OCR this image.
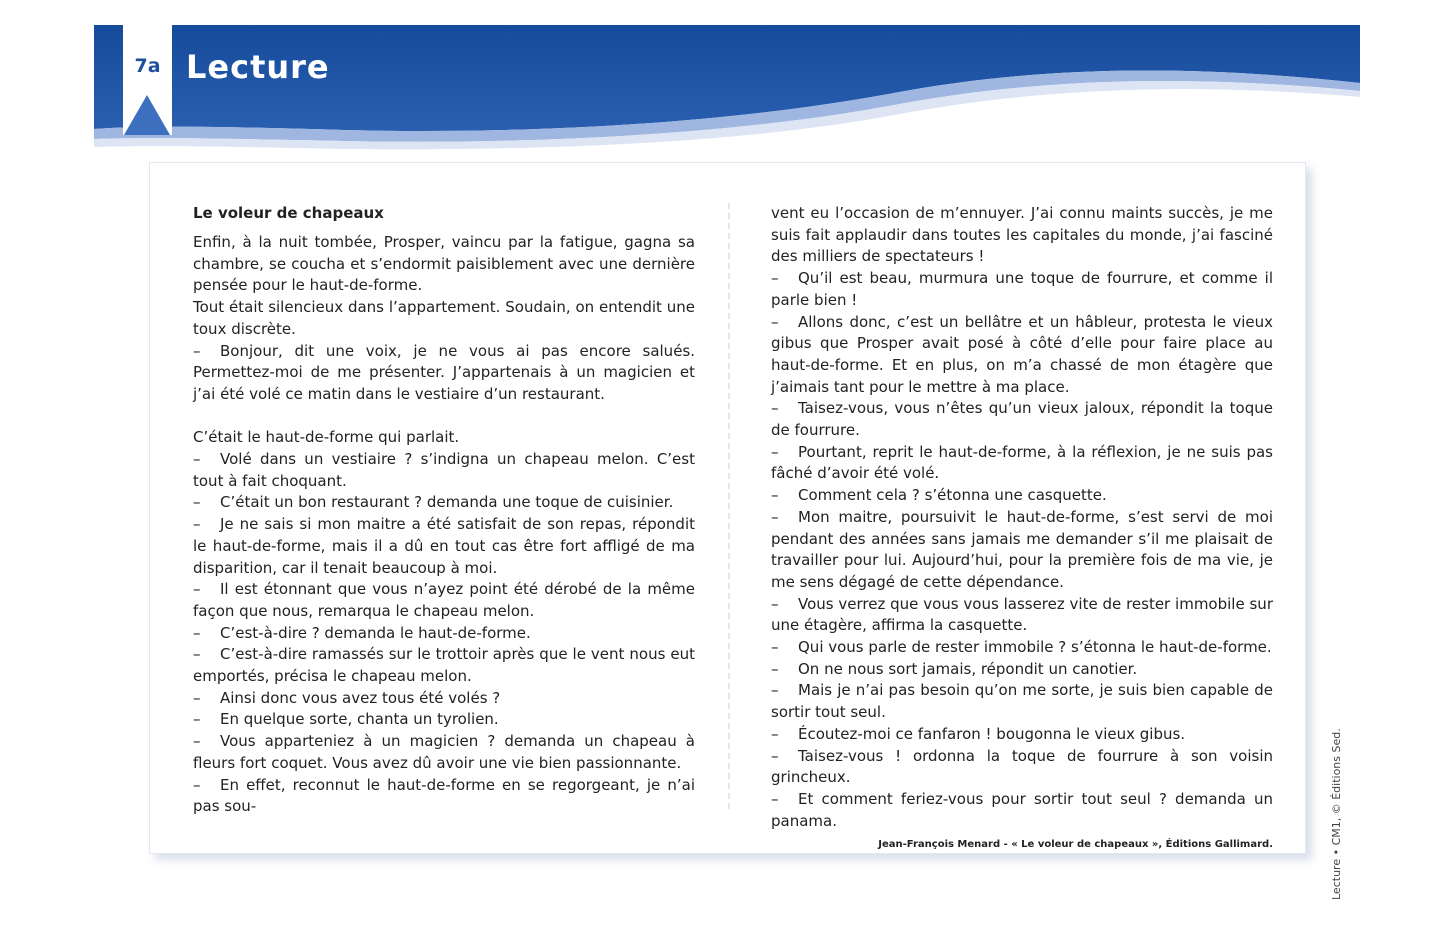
7a Lecture
Le voleur de chapeaux
Enfin, à la nuit tombée, Prosper, vaincu par la fatigue, gagna sa chambre, se coucha et s’endormit paisiblement avec une dernière pensée pour le haut-de-forme.
Tout était silencieux dans l’appartement. Soudain, on entendit une toux discrète.
– Bonjour, dit une voix, je ne vous ai pas encore salués. Permettez-moi de me présenter. J’appartenais à un magicien et j’ai été volé ce matin dans le vestiaire d’un restaurant.
C’était le haut-de-forme qui parlait.
– Volé dans un vestiaire ? s’indigna un chapeau melon. C’est tout à fait choquant.
– C’était un bon restaurant ? demanda une toque de cuisinier.
– Je ne sais si mon maitre a été satisfait de son repas, répondit le haut-de-forme, mais il a dû en tout cas être fort affligé de ma disparition, car il tenait beaucoup à moi.
– Il est étonnant que vous n’ayez point été dérobé de la même façon que nous, remarqua le chapeau melon.
– C’est-à-dire ? demanda le haut-de-forme.
– C’est-à-dire ramassés sur le trottoir après que le vent nous eut emportés, précisa le chapeau melon.
– Ainsi donc vous avez tous été volés ?
– En quelque sorte, chanta un tyrolien.
– Vous apparteniez à un magicien ? demanda un chapeau à fleurs fort coquet. Vous avez dû avoir une vie bien passionnante.
– En effet, reconnut le haut-de-forme en se regorgeant, je n’ai pas sou-
vent eu l’occasion de m’ennuyer. J’ai connu maints succès, je me suis fait applaudir dans toutes les capitales du monde, j’ai fasciné des milliers de spectateurs !
– Qu’il est beau, murmura une toque de fourrure, et comme il parle bien !
– Allons donc, c’est un bellâtre et un hâbleur, protesta le vieux gibus que Prosper avait posé à côté d’elle pour faire place au haut-de-forme. Et en plus, on m’a chassé de mon étagère que j’aimais tant pour le mettre à ma place.
– Taisez-vous, vous n’êtes qu’un vieux jaloux, répondit la toque de fourrure.
– Pourtant, reprit le haut-de-forme, à la réflexion, je ne suis pas fâché d’avoir été volé.
– Comment cela ? s’étonna une casquette.
– Mon maitre, poursuivit le haut-de-forme, s’est servi de moi pendant des années sans jamais me demander s’il me plaisait de travailler pour lui. Aujourd’hui, pour la première fois de ma vie, je me sens dégagé de cette dépendance.
– Vous verrez que vous vous lasserez vite de rester immobile sur une étagère, affirma la casquette.
– Qui vous parle de rester immobile ? s’étonna le haut-de-forme.
– On ne nous sort jamais, répondit un canotier.
– Mais je n’ai pas besoin qu’on me sorte, je suis bien capable de sortir tout seul.
– Écoutez-moi ce fanfaron ! bougonna le vieux gibus.
– Taisez-vous ! ordonna la toque de fourrure à son voisin grincheux.
– Et comment feriez-vous pour sortir tout seul ? demanda un panama.
Jean-François Menard - « Le voleur de chapeaux », Éditions Gallimard.	Lecture • CM1, © Éditions Sed.
